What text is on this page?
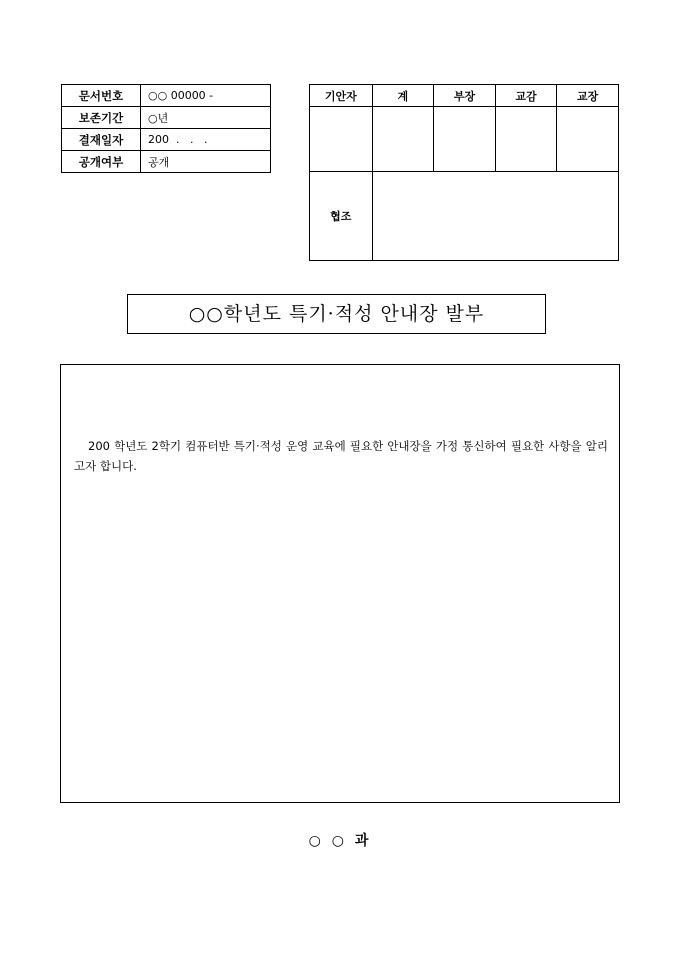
문서번호	○○ 00000 -
보존기간	○년
결재일자	200  .   .   .
공개여부	공개
기안자	계	부장	교감	교장

협조				
○○학년도 특기·적성 안내장 발부

200 학년도 2학기 컴퓨터반 특기·적성 운영 교육에 필요한 안내장을 가정 통신하여 필요한 사항을 알리고자 합니다.

○ ○ 과
